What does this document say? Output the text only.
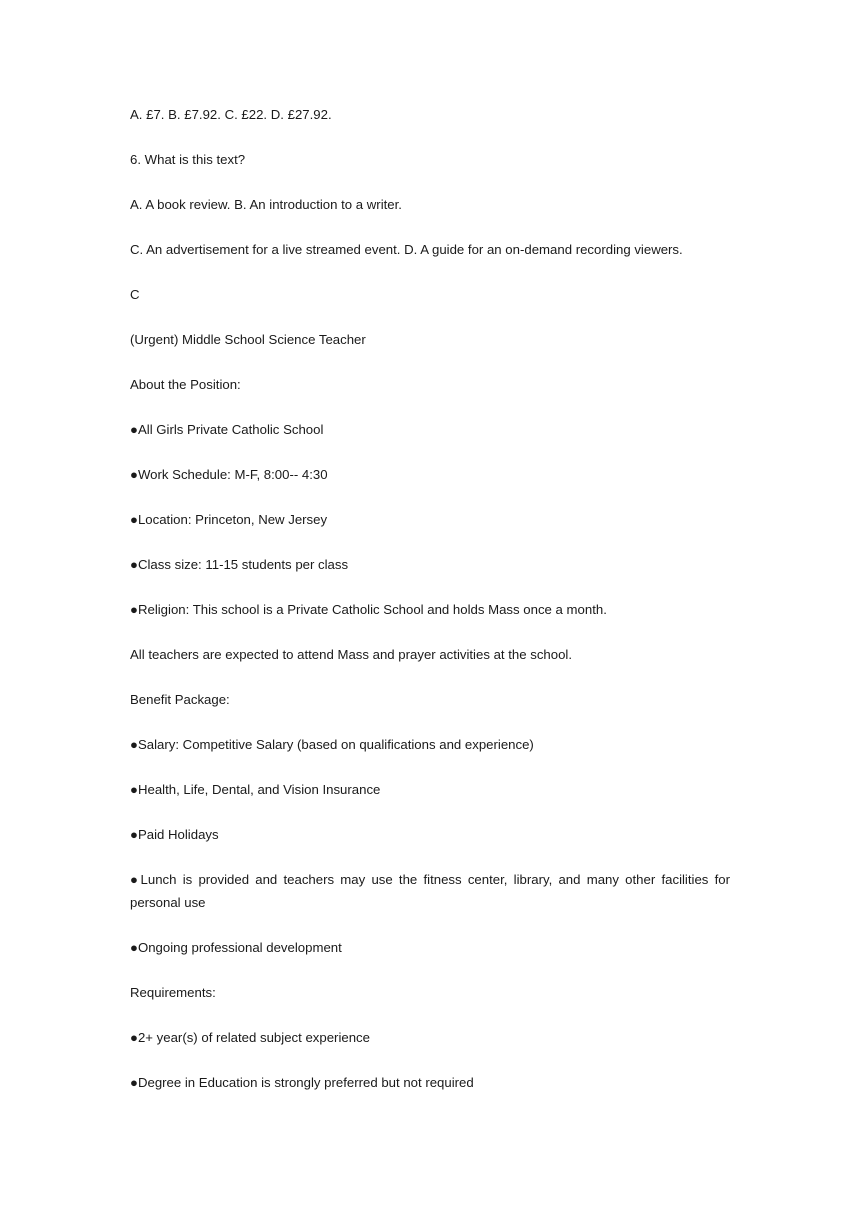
A. £7. B. £7.92. C. £22. D. £27.92.

6. What is this text?

A. A book review. B. An introduction to a writer.

C. An advertisement for a live streamed event. D. A guide for an on-demand recording viewers.

C

(Urgent) Middle School Science Teacher

About the Position:

●All Girls Private Catholic School

●Work Schedule: M-F, 8:00-- 4:30

●Location: Princeton, New Jersey

●Class size: 11-15 students per class

●Religion: This school is a Private Catholic School and holds Mass once a month.

All teachers are expected to attend Mass and prayer activities at the school.

Benefit Package:

●Salary: Competitive Salary (based on qualifications and experience)

●Health, Life, Dental, and Vision Insurance

●Paid Holidays

●Lunch is provided and teachers may use the fitness center, library, and many other facilities for personal use

●Ongoing professional development

Requirements:

●2+ year(s) of related subject experience

●Degree in Education is strongly preferred but not required
